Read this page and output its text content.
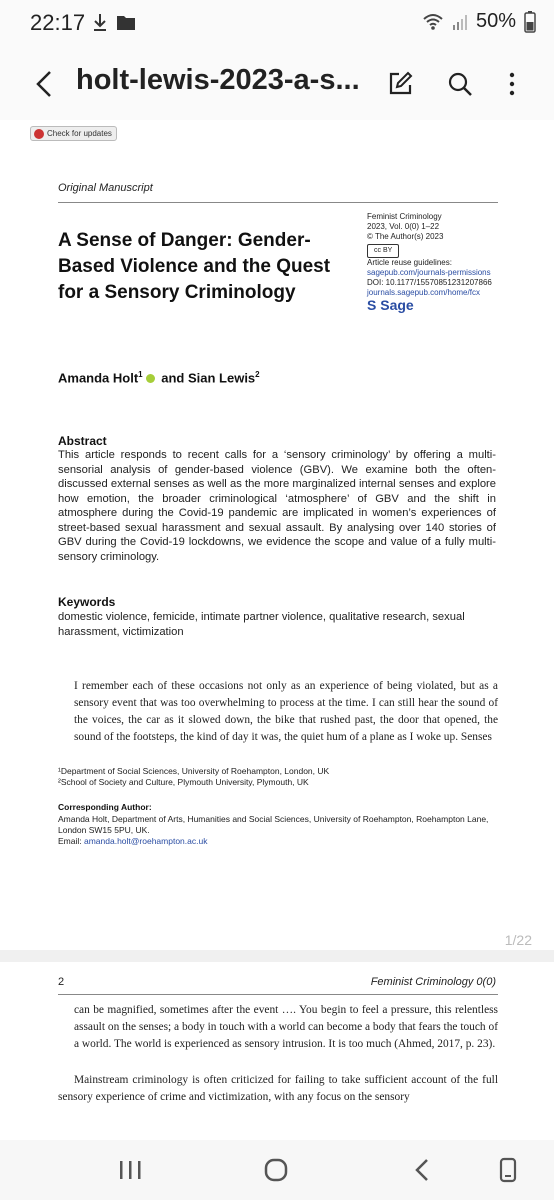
22:17	50%
holt-lewis-2023-a-s...
Check for updates
Original Manuscript
A Sense of Danger: Gender-Based Violence and the Quest for a Sensory Criminology
Feminist Criminology
2023, Vol. 0(0) 1–22
© The Author(s) 2023
cc BY
Article reuse guidelines:
sagepub.com/journals-permissions
DOI: 10.1177/15570851231207866
journals.sagepub.com/home/fcx
S Sage
Amanda Holt$^1$ and Sian Lewis$^2$
Abstract
This article responds to recent calls for a ‘sensory criminology’ by offering a multi-sensorial analysis of gender-based violence (GBV). We examine both the often-discussed external senses as well as the more marginalized internal senses and explore how emotion, the broader criminological ‘atmosphere’ of GBV and the shift in atmosphere during the Covid-19 pandemic are implicated in women’s experiences of street-based sexual harassment and sexual assault. By analysing over 140 stories of GBV during the Covid-19 lockdowns, we evidence the scope and value of a fully multi-sensory criminology.
Keywords
domestic violence, femicide, intimate partner violence, qualitative research, sexual harassment, victimization
I remember each of these occasions not only as an experience of being violated, but as a sensory event that was too overwhelming to process at the time. I can still hear the sound of the voices, the car as it slowed down, the bike that rushed past, the door that opened, the sound of the footsteps, the kind of day it was, the quiet hum of a plane as I woke up. Senses
¹Department of Social Sciences, University of Roehampton, London, UK
²School of Society and Culture, Plymouth University, Plymouth, UK
Corresponding Author:
Amanda Holt, Department of Arts, Humanities and Social Sciences, University of Roehampton, Roehampton Lane, London SW15 5PU, UK.
Email: amanda.holt@roehampton.ac.uk
1/22
2	Feminist Criminology 0(0)
can be magnified, sometimes after the event …. You begin to feel a pressure, this relentless assault on the senses; a body in touch with a world can become a body that fears the touch of a world. The world is experienced as sensory intrusion. It is too much (Ahmed, 2017, p. 23).
Mainstream criminology is often criticized for failing to take sufficient account of the full sensory experience of crime and victimization, with any focus on the sensory
